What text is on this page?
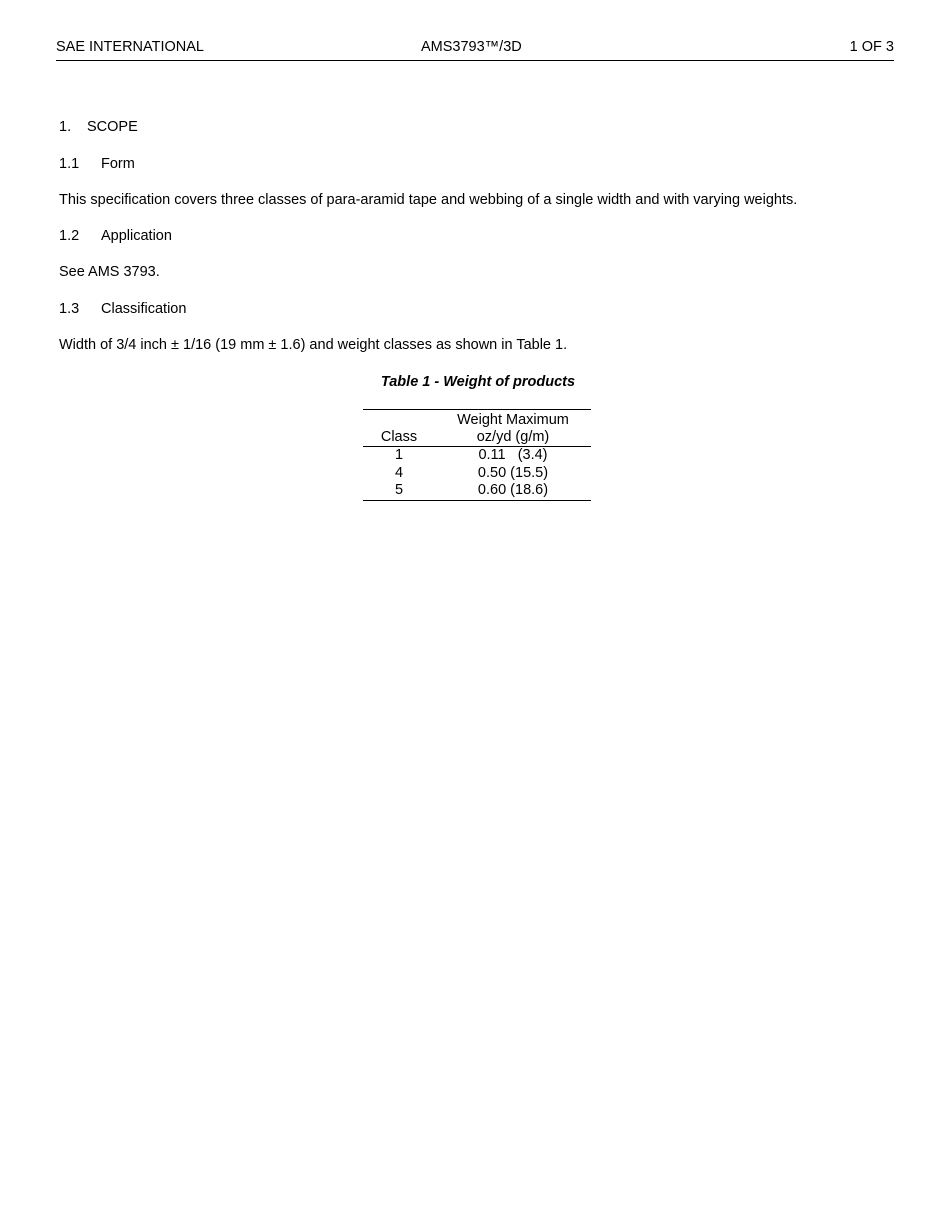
SAE INTERNATIONAL	AMS3793™/3D	1 OF 3
1. SCOPE
1.1 Form
This specification covers three classes of para-aramid tape and webbing of a single width and with varying weights.
1.2 Application
See AMS 3793.
1.3 Classification
Width of 3/4 inch ± 1/16 (19 mm ± 1.6) and weight classes as shown in Table 1.
Table 1 - Weight of products
Class	Weight Maximum
oz/yd (g/m)

1	0.11   (3.4)
4	0.50 (15.5)
5	0.60 (18.6)
